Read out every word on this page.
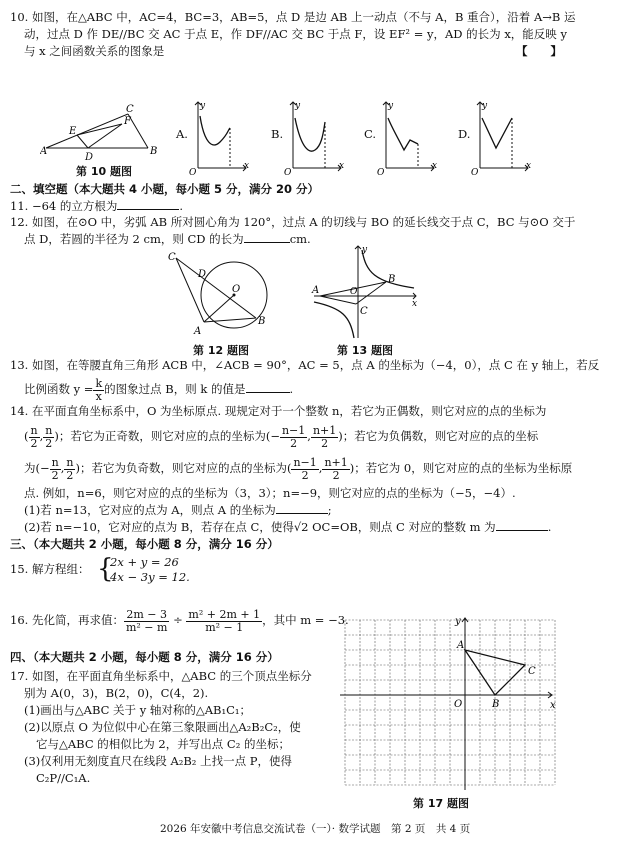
10. 如图，在△ABC 中，AC=4，BC=3，AB=5，点 D 是边 AB 上一动点（不与 A，B 重合），沿着 A→B 运
动，过点 D 作 DE//BC 交 AC 于点 E，作 DF//AC 交 BC 于点 F，设 EF² = y，AD 的长为 x，能反映 y
与 x 之间函数关系的图象是	【　　】
A	B
C
E
F
D
第 10 题图
A.
y
x
O
B.
y
x
O
C.
y
x
O
D.
y
x
O
二、填空题（本大题共 4 小题，每小题 5 分，满分 20 分）
11. −64 的立方根为	.
12. 如图，在⊙O 中，劣弧 AB 所对圆心角为 120°，过点 A 的切线与 BO 的延长线交于点 C，BC 与⊙O 交于
点 D，若圆的半径为 2 cm，则 CD 的长为	cm.
C
D
O
A
B
第 12 题图
A
B
O
C
x
y
第 13 题图
13. 如图，在等腰直角三角形 ACB 中，∠ACB = 90°，AC = 5，点 A 的坐标为（−4，0），点 C 在 y 轴上，若反
比例函数 $y = \frac{k}{x}$ 的图象过点 B，则 k 的值是	.
14. 在平面直角坐标系中，O 为坐标原点. 现规定对于一个整数 n，若它为正偶数，则它对应的点的坐标为
( $\frac{n}{2}$ , $\frac{n}{2}$ )；若它为正奇数，则它对应的点的坐标为(− $\frac{n-1}{2}$ , $\frac{n+1}{2}$ )；若它为负偶数，则它对应的点的坐标
为(− $\frac{n}{2}$ , $\frac{n}{2}$ )；若它为负奇数，则它对应的点的坐标为( $\frac{n-1}{2}$ , $\frac{n+1}{2}$ )；若它为 0，则它对应的点的坐标为坐标原
点. 例如，n=6，则它对应的点的坐标为（3，3）；n=−9，则它对应的点的坐标为（−5，−4）.
(1)若 n=13，它对应的点为 A，则点 A 的坐标为	;
(2)若 n=−10，它对应的点为 B，若存在点 C，使得√2 OC=OB，则点 C 对应的整数 m 为	.
三、（本大题共 2 小题，每小题 8 分，满分 16 分）
15. 解方程组： {
2x + y = 26
4x − 3y = 12.
16. 先化简，再求值： $\frac{2m - 3}{\text{m² − m}} \div \frac{\text{m² + 2m + 1}}{\text{m² − 1}}$ ，其中 m = −3.
四、（本大题共 2 小题，每小题 8 分，满分 16 分）
17. 如图，在平面直角坐标系中，△ABC 的三个顶点坐标分
别为 A(0，3)，B(2，0)，C(4，2).
(1)画出与△ABC 关于 y 轴对称的△AB₁C₁；
(2)以原点 O 为位似中心在第三象限画出△A₂B₂C₂，使
它与△ABC 的相似比为 2，并写出点 C₂ 的坐标；
(3)仅利用无刻度直尺在线段 A₂B₂ 上找一点 P，使得
C₂P//C₁A.
A
B
C
O	x
y
第 17 题图
2026 年安徽中考信息交流试卷（一）· 数学试题　第 2 页　共 4 页
